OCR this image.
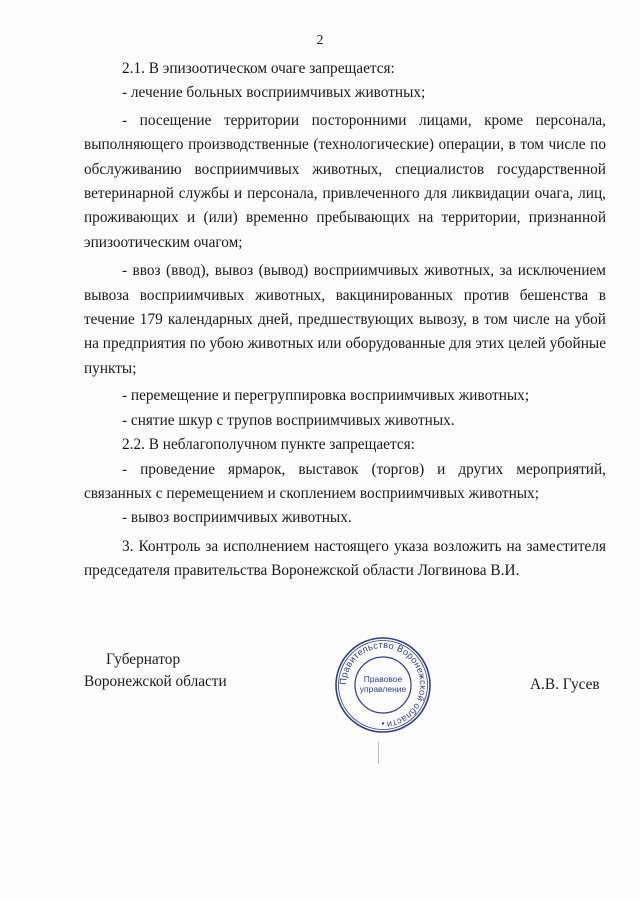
2

2.1. В эпизоотическом очаге запрещается:

- лечение больных восприимчивых животных;

- посещение территории посторонними лицами, кроме персонала,
выполняющего производственные (технологические) операции, в том числе по
обслуживанию восприимчивых животных, специалистов государственной
ветеринарной службы и персонала, привлеченного для ликвидации очага, лиц,
проживающих и (или) временно пребывающих на территории, признанной
эпизоотическим очагом;
- ввоз (ввод), вывоз (вывод) восприимчивых животных, за исключением
вывоза восприимчивых животных, вакцинированных против бешенства в
течение 179 календарных дней, предшествующих вывозу, в том числе на убой
на предприятия по убою животных или оборудованные для этих целей убойные
пункты;

- перемещение и перегруппировка восприимчивых животных;

- снятие шкур с трупов восприимчивых животных.

2.2. В неблагополучном пункте запрещается:

- проведение ярмарок, выставок (торгов) и других мероприятий,
связанных с перемещением и скоплением восприимчивых животных;

- вывоз восприимчивых животных.

3. Контроль за исполнением настоящего указа возложить на заместителя
председателя правительства Воронежской области Логвинова В.И.
Губернатор
Воронежской области	Правительство Воронежской области
Правовое
управление	А.В. Гусев
